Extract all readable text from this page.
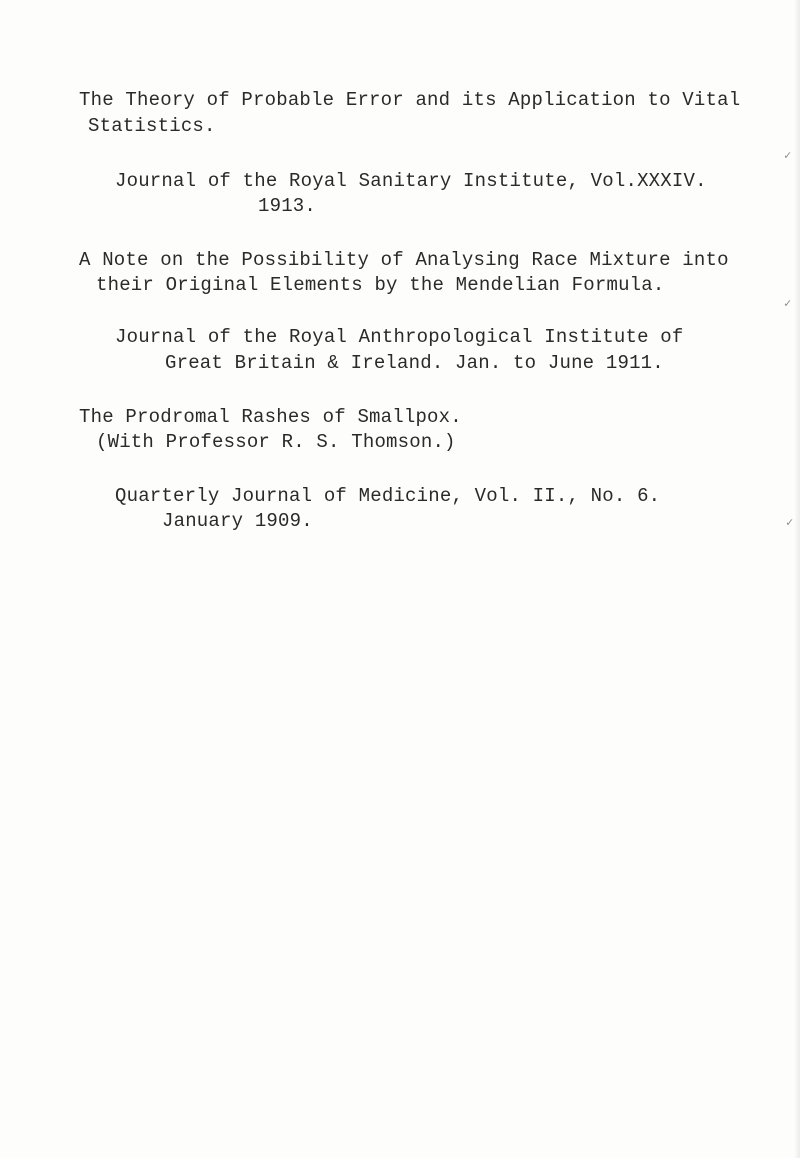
The Theory of Probable Error and its Application to Vital
Statistics.
Journal of the Royal Sanitary Institute, Vol.XXXIV.
1913.
A Note on the Possibility of Analysing Race Mixture into
their Original Elements by the Mendelian Formula.
Journal of the Royal Anthropological Institute of
Great Britain & Ireland. Jan. to June 1911.
The Prodromal Rashes of Smallpox.
(With Professor R. S. Thomson.)
Quarterly Journal of Medicine, Vol. II., No. 6.
January 1909.
✓
✓
✓
